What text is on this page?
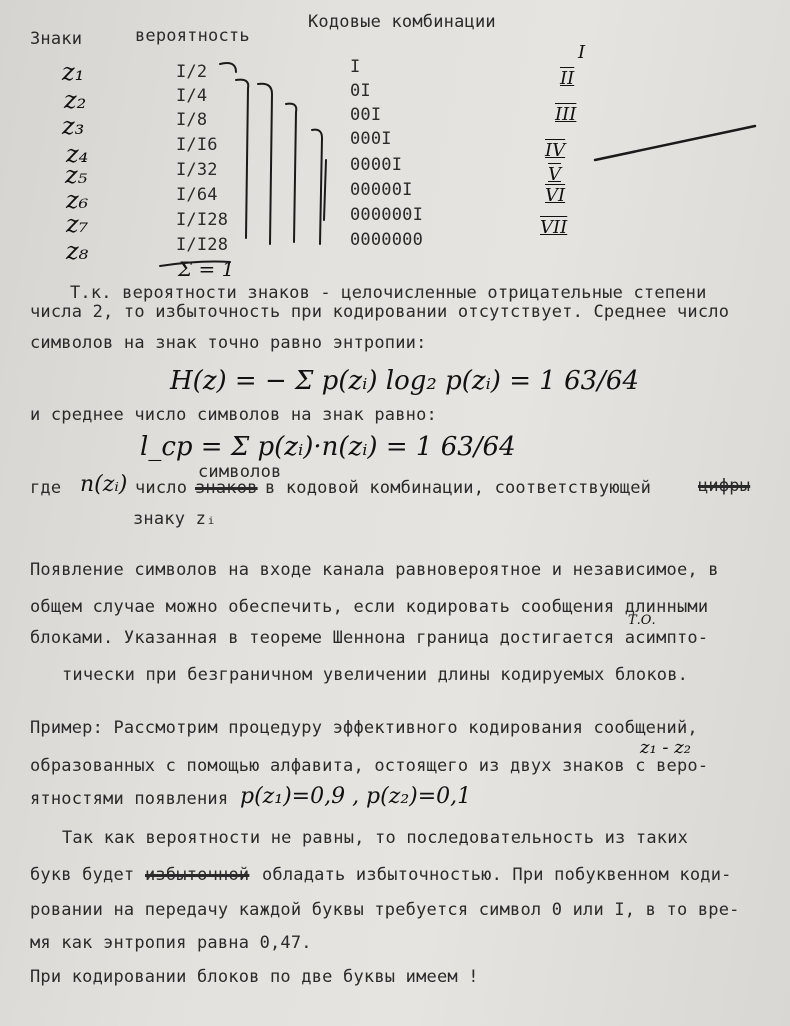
Знаки	вероятность
Кодовые комбинации
z₁
z₂
z₃
z₄
z₅
z₆
z₇
z₈
I/2
I/4
I/8
I/I6
I/32
I/64
I/I28
I/I28
I
0I
00I
000I
0000I
00000I
000000I
0000000
I
II
III
IV
V
VI
VII
Σ = 1
Т.к. вероятности знаков - целочисленные отрицательные степени
числа 2, то избыточность при кодировании отсутствует. Среднее число
символов на знак точно равно энтропии:
H(z) = − Σ p(zᵢ) log₂ p(zᵢ) = 1 63/64
и среднее число символов на знак равно:
l_ср = Σ p(zᵢ)·n(zᵢ) = 1 63/64
где n(zᵢ) число знаков
символов
в кодовой комбинации, соответствующей	цифры
знаку zᵢ
Появление символов на входе канала равновероятное и независимое, в
общем случае можно обеспечить, если кодировать сообщения длинными
Т.О.
блоками. Указанная в теореме Шеннона граница достигается асимпто-
тически при безграничном увеличении длины кодируемых блоков.
Пример: Рассмотрим процедуру эффективного кодирования сообщений,
z₁ - z₂
образованных с помощью алфавита, остоящего из двух знаков с веро-
ятностями появления p(z₁)=0,9 , p(z₂)=0,1
Так как вероятности не равны, то последовательность из таких
букв будет избыточной обладать избыточностью. При побуквенном коди-
ровании на передачу каждой буквы требуется символ 0 или I, в то вре-
мя как энтропия равна 0,47.
При кодировании блоков по две буквы имеем !
